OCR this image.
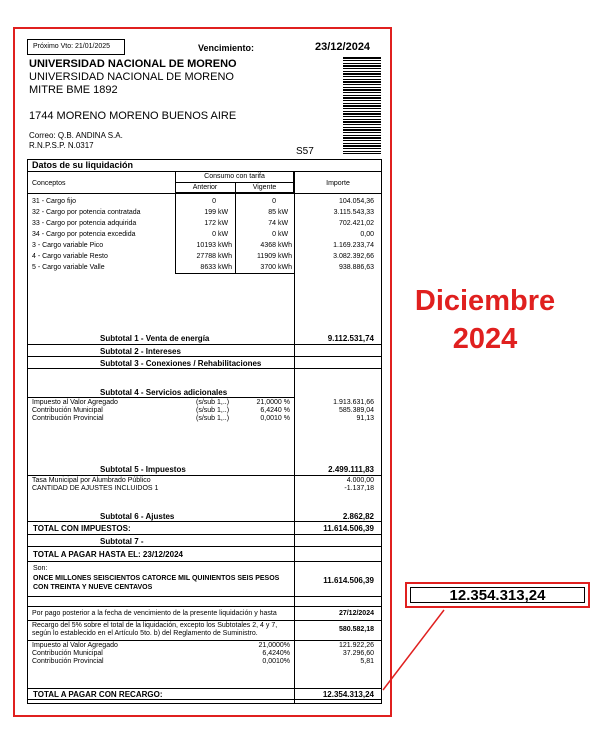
Próximo Vto: 21/01/2025	Vencimiento:	23/12/2024
UNIVERSIDAD NACIONAL DE MORENO
UNIVERSIDAD NACIONAL DE MORENO
MITRE BME 1892
1744 MORENO MORENO BUENOS AIRE
Correo: Q.B. ANDINA S.A.
R.N.P.S.P. N.0317
S57
Datos de su liquidación
Conceptos
Consumo con tarifa
Anterior	Vigente
Importe
31 - Cargo fijo	0	0	104.054,36
32 - Cargo por potencia contratada	199 kW	85 kW	3.115.543,33
33 - Cargo por potencia adquirida	172 kW	74 kW	702.421,02
34 - Cargo por potencia excedida	0 kW	0 kW	0,00
3 - Cargo variable Pico	10193 kWh	4368 kWh	1.169.233,74
4 - Cargo variable Resto	27788 kWh	11909 kWh	3.082.392,66
5 - Cargo variable Valle	8633 kWh	3700 kWh	938.886,63
Subtotal 1 - Venta de energía	9.112.531,74
Subtotal 2 - Intereses
Subtotal 3 - Conexiones / Rehabilitaciones
Subtotal 4 - Servicios adicionales
Impuesto al Valor Agregado	(s/sub 1,..)	21,0000 %	1.913.631,66
Contribución Municipal	(s/sub 1,..)	6,4240 %	585.389,04
Contribución Provincial	(s/sub 1,..)	0,0010 %	91,13
Subtotal 5 - Impuestos	2.499.111,83
Tasa Municipal por Alumbrado Público	4.000,00
CANTIDAD DE AJUSTES INCLUIDOS 1	-1.137,18
Subtotal 6 - Ajustes	2.862,82
TOTAL CON IMPUESTOS:	11.614.506,39
Subtotal 7 -
TOTAL A PAGAR HASTA EL: 23/12/2024
Son:
ONCE MILLONES SEISCIENTOS CATORCE MIL QUINIENTOS SEIS PESOS
CON TREINTA Y NUEVE CENTAVOS
11.614.506,39
Por pago posterior a la fecha de vencimiento de la presente liquidación y hasta	27/12/2024
Recargo del 5% sobre el total de la liquidación, excepto los Subtotales 2, 4 y 7,
según lo establecido en el Artículo 5to. b) del Reglamento de Suministro.
580.582,18
Impuesto al Valor Agregado	21,0000%	121.922,26
Contribución Municipal	6,4240%	37.296,60
Contribución Provincial	0,0010%	5,81
TOTAL A PAGAR CON RECARGO:	12.354.313,24
Diciembre
2024
12.354.313,24
